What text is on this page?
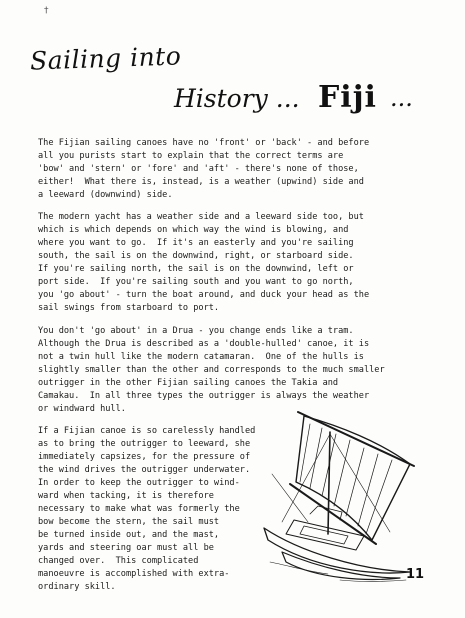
†
Sailing into
History ... Fiji ...
The Fijian sailing canoes have no 'front' or 'back' - and before
all you purists start to explain that the correct terms are
'bow' and 'stern' or 'fore' and 'aft' - there's none of those,
either!  What there is, instead, is a weather (upwind) side and
a leeward (downwind) side.
The modern yacht has a weather side and a leeward side too, but
which is which depends on which way the wind is blowing, and
where you want to go.  If it's an easterly and you're sailing
south, the sail is on the downwind, right, or starboard side.
If you're sailing north, the sail is on the downwind, left or
port side.  If you're sailing south and you want to go north,
you 'go about' - turn the boat around, and duck your head as the
sail swings from starboard to port.
You don't 'go about' in a Drua - you change ends like a tram.
Although the Drua is described as a 'double-hulled' canoe, it is
not a twin hull like the modern catamaran.  One of the hulls is
slightly smaller than the other and corresponds to the much smaller
outrigger in the other Fijian sailing canoes the Takia and
Camakau.  In all three types the outrigger is always the weather
or windward hull.
If a Fijian canoe is so carelessly handled
as to bring the outrigger to leeward, she
immediately capsizes, for the pressure of
the wind drives the outrigger underwater.
In order to keep the outrigger to wind-
ward when tacking, it is therefore
necessary to make what was formerly the
bow become the stern, the sail must
be turned inside out, and the mast,
yards and steering oar must all be
changed over.  This complicated
manoeuvre is accomplished with extra-
ordinary skill.
11
